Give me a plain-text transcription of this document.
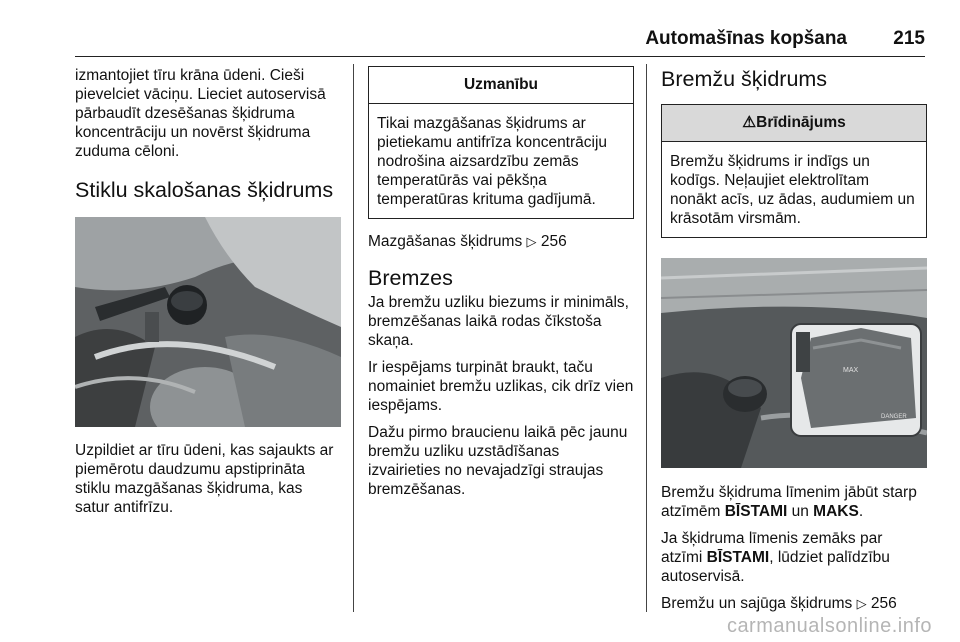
Automašīnas kopšana 215

izmantojiet tīru krāna ūdeni. Cieši pievelciet vāciņu. Lieciet autoservisā pārbaudīt dzesēšanas šķidruma koncentrāciju un novērst šķidruma zuduma cēloni.

Stiklu skalošanas šķidrums

Uzpildiet ar tīru ūdeni, kas sajaukts ar piemērotu daudzumu apstiprināta stiklu mazgāšanas šķidruma, kas satur antifrīzu.

Uzmanību
Tikai mazgāšanas šķidrums ar pietiekamu antifrīza koncentrāciju nodrošina aizsardzību zemās temperatūrās vai pēkšņa temperatūras krituma gadījumā.

Mazgāšanas šķidrums ▷ 256

Bremzes

Ja bremžu uzliku biezums ir minimāls, bremzēšanas laikā rodas čīkstoša skaņa.

Ir iespējams turpināt braukt, taču nomainiet bremžu uzlikas, cik drīz vien iespējams.

Dažu pirmo braucienu laikā pēc jaunu bremžu uzliku uzstādīšanas izvairieties no nevajadzīgi straujas bremzēšanas.

Bremžu šķidrums
⚠Brīdinājums
Bremžu šķidrums ir indīgs un kodīgs. Neļaujiet elektrolītam nonākt acīs, uz ādas, audumiem un krāsotām virsmām.
MAX
DANGER

Bremžu šķidruma līmenim jābūt starp atzīmēm BĪSTAMI un MAKS.

Ja šķidruma līmenis zemāks par atzīmi BĪSTAMI, lūdziet palīdzību autoservisā.

Bremžu un sajūga šķidrums ▷ 256

carmanualsonline.info
